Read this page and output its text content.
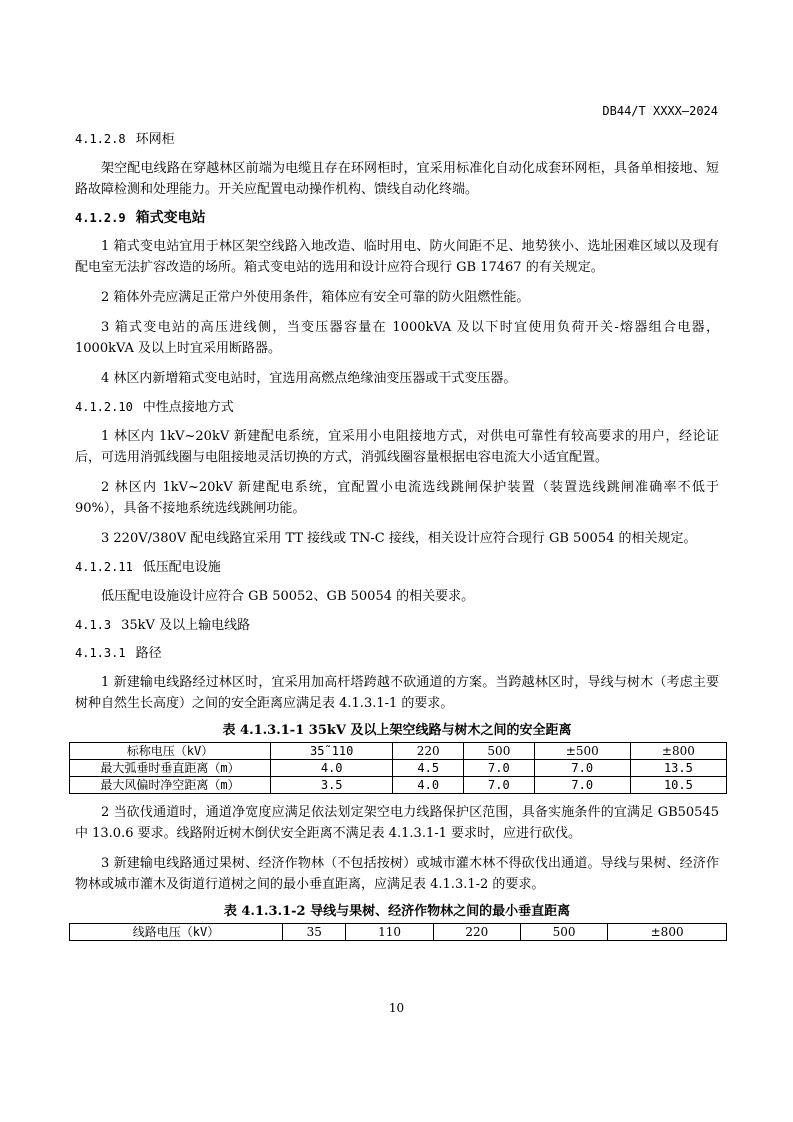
DB44/T XXXX—2024
4.1.2.8 环网柜

架空配电线路在穿越林区前端为电缆且存在环网柜时，宜采用标准化自动化成套环网柜，具备单相接地、短路故障检测和处理能力。开关应配置电动操作机构、馈线自动化终端。

4.1.2.9 箱式变电站

1 箱式变电站宜用于林区架空线路入地改造、临时用电、防火间距不足、地势狭小、选址困难区域以及现有配电室无法扩容改造的场所。箱式变电站的选用和设计应符合现行 GB 17467 的有关规定。

2 箱体外壳应满足正常户外使用条件，箱体应有安全可靠的防火阻燃性能。

3 箱式变电站的高压进线侧，当变压器容量在 1000kVA 及以下时宜使用负荷开关-熔器组合电器，1000kVA 及以上时宜采用断路器。

4 林区内新增箱式变电站时，宜选用高燃点绝缘油变压器或干式变压器。

4.1.2.10 中性点接地方式

1 林区内 1kV~20kV 新建配电系统，宜采用小电阻接地方式，对供电可靠性有较高要求的用户，经论证后，可选用消弧线圈与电阻接地灵活切换的方式，消弧线圈容量根据电容电流大小适宜配置。

2 林区内 1kV~20kV 新建配电系统，宜配置小电流选线跳闸保护装置（装置选线跳闸准确率不低于 90%），具备不接地系统选线跳闸功能。

3 220V/380V 配电线路宜采用 TT 接线或 TN-C 接线，相关设计应符合现行 GB 50054 的相关规定。

4.1.2.11 低压配电设施

低压配电设施设计应符合 GB 50052、GB 50054 的相关要求。

4.1.3 35kV 及以上输电线路
4.1.3.1 路径

1 新建输电线路经过林区时，宜采用加高杆塔跨越不砍通道的方案。当跨越林区时，导线与树木（考虑主要树种自然生长高度）之间的安全距离应满足表 4.1.3.1-1 的要求。

表 4.1.3.1-1 35kV 及以上架空线路与树木之间的安全距离
标称电压（kV）	35˜110	220	500	±500	±800
最大弧垂时垂直距离（m）	4.0	4.5	7.0	7.0	13.5
最大风偏时净空距离（m）	3.5	4.0	7.0	7.0	10.5

2 当砍伐通道时，通道净宽度应满足依法划定架空电力线路保护区范围，具备实施条件的宜满足 GB50545 中 13.0.6 要求。线路附近树木倒伏安全距离不满足表 4.1.3.1-1 要求时，应进行砍伐。

3 新建输电线路通过果树、经济作物林（不包括按树）或城市灌木林不得砍伐出通道。导线与果树、经济作物林或城市灌木及街道行道树之间的最小垂直距离，应满足表 4.1.3.1-2 的要求。

表 4.1.3.1-2 导线与果树、经济作物林之间的最小垂直距离
线路电压（kV）	35	110	220	500	±800
10
